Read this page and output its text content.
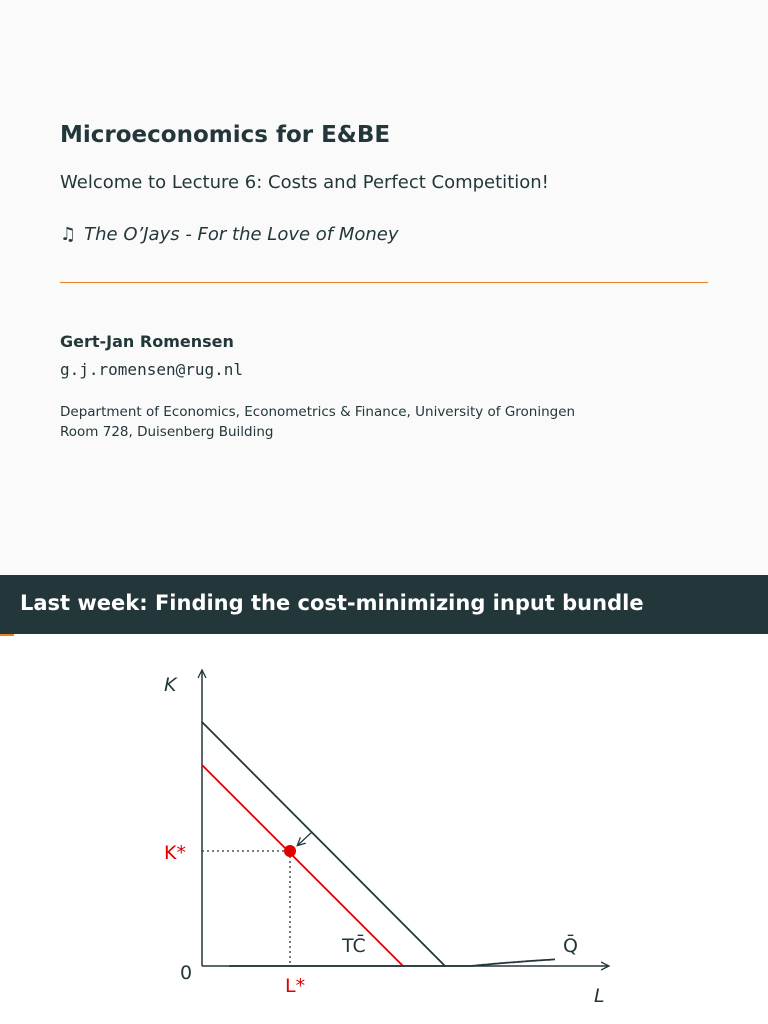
Microeconomics for E&BE
Welcome to Lecture 6: Costs and Perfect Competition!
♫ The O’Jays - For the Love of Money
Gert-Jan Romensen
g.j.romensen@rug.nl
Department of Economics, Econometrics & Finance, University of Groningen
Room 728, Duisenberg Building
Last week: Finding the cost-minimizing input bundle
K
L
0
K*
L*
Q̄
TC̄
